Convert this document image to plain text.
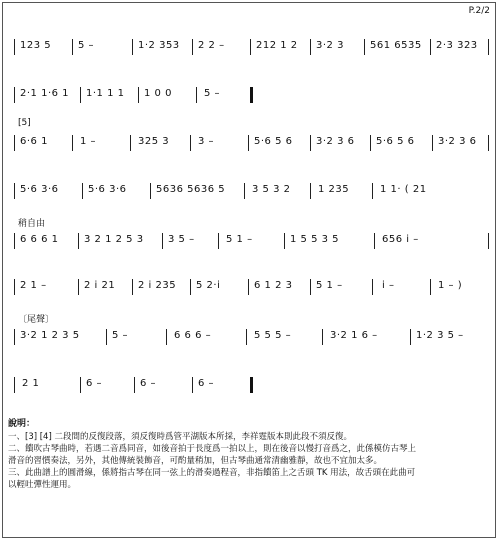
P.2/2
123 5	5 –	1·2 353 2 2 –	212 1 2 3·2 3	561 6535 2·3 323
2·1 1·6 1 1·1 1 1 1 0 0	5 –
[5]
6·6 1	1 –	325 3	3 –	5·6 5 6 3·2 3 6 5·6 5 6 3·2 3 6
5·6 3·6	5·6 3·6	5636 5636 5	3 5 3 2	1 235	1 1· ( 21
稍自由
6 6 6 1	3 2 1 2 5 3 3 5 –	5 1 –	1 5 5 3 5	656 i –
2 1 –	2 i 21 2 i 235 5 2·i	6 1 2 3 5 1 –	i –	1 – )
〔尾聲〕
3·2 1 2 3 5	5 –	6 6 6 –	5 5 5 –	3·2 1 6 –	1·2 3 5 –
2 1	6 –	6 –	6 –
說明：
一、[3] [4] 二段間的反復段落，須反復時爲管平湖版本所採，李祥霆版本則此段不須反復。
二、饋吹古琴曲時，若遇二音爲同音，如後音拍于長度爲一拍以上，則在後音以慢打音爲之，此係模仿古琴上
滑音的習慣奏法，另外，其他傳統裝飾音，可酌量稍加，但古琴曲通常清幽雅靜，故也不宜加太多。
三、此曲譜上的圓滑線，係將指古琴在同一弦上的滑奏過程音，非指饋笛上之舌頭 TK 用法，故舌頭在此曲可
以輕吐彈性運用。
